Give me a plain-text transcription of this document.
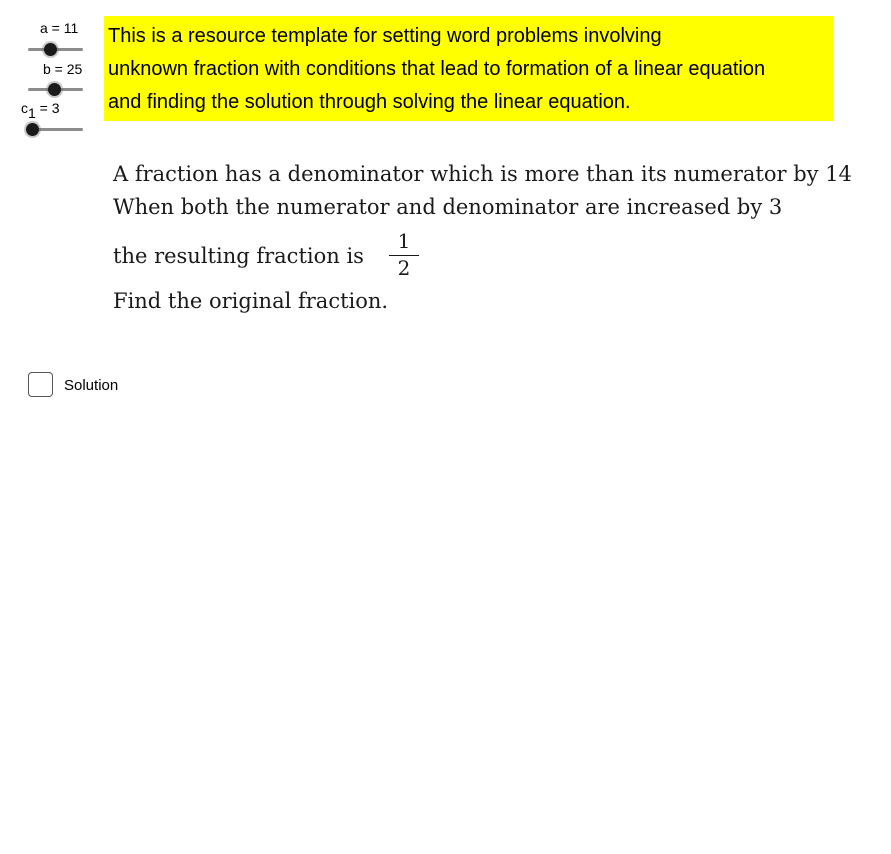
a = 11
b = 25
$c_1 = 3$
This is a resource template for setting word problems involving
unknown fraction with conditions that lead to formation of a linear equation
and finding the solution through solving the linear equation.
A fraction has a denominator which is more than its numerator by 14
When both the numerator and denominator are increased by 3
the resulting fraction is
1
2
Find the original fraction.
Solution
